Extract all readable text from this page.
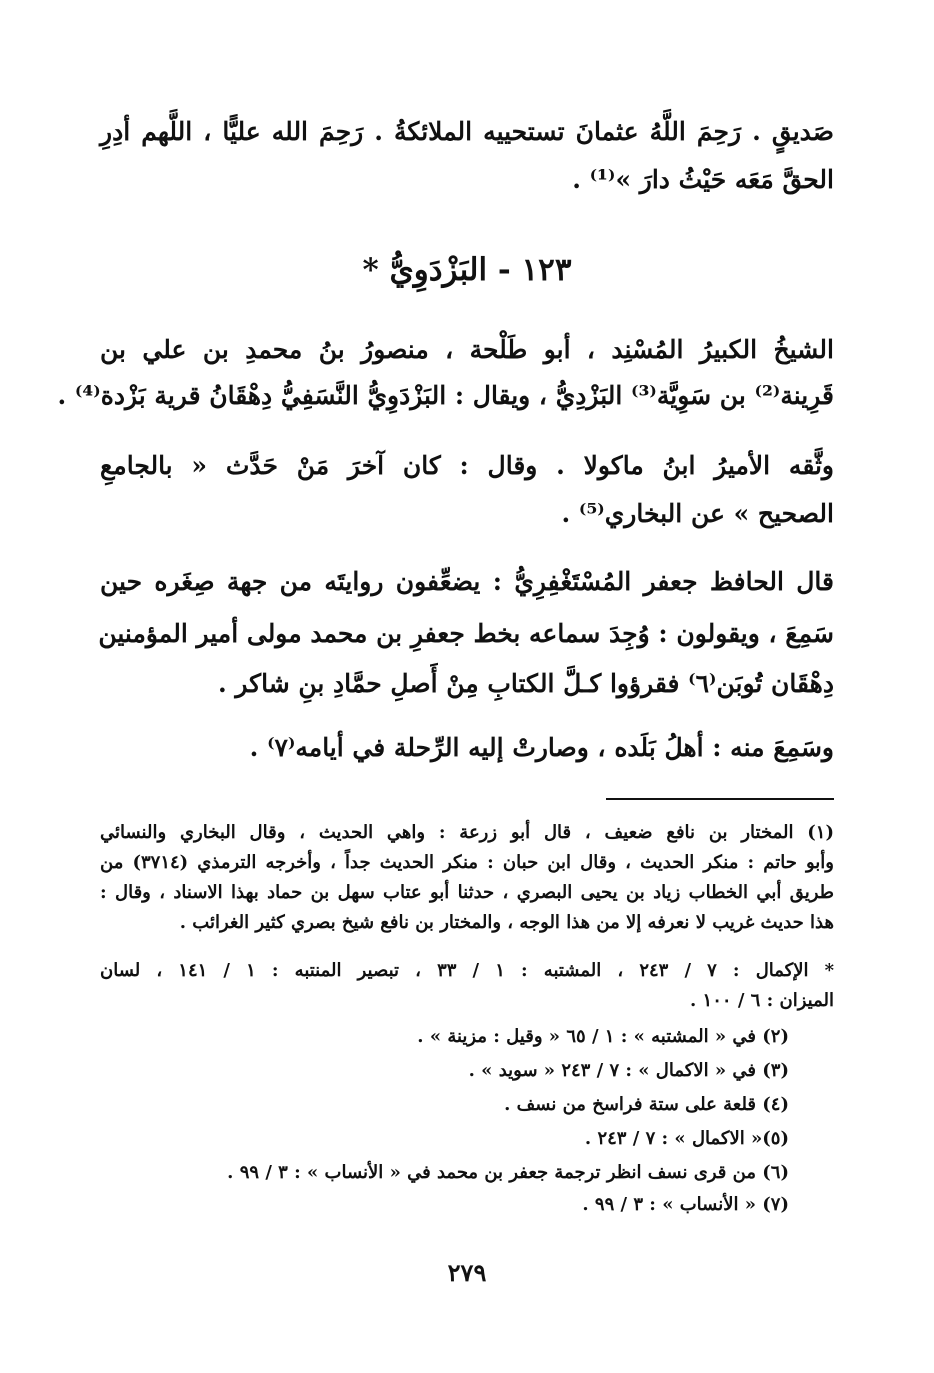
صَديقٍ . رَحِمَ اللَّهُ عثمانَ تستحييه الملائكةُ . رَحِمَ الله عليًّا ، اللَّهم أدِرِ
الحقَّ مَعَه حَيْثُ دارَ »⁽¹⁾ .
١٢٣ - البَزْدَوِيُّ *
الشيخُ الكبيرُ المُسْنِد ، أبو طَلْحة ، منصورُ بنُ محمدِ بن علي بن
قَرِينة⁽²⁾ بن سَوِيَّة⁽³⁾ البَزْدِيُّ ، ويقال : البَزْدَوِيُّ النَّسَفِيُّ دِهْقَانُ قرية بَزْدة⁽⁴⁾ .
وثَّقه الأميرُ ابنُ ماكولا . وقال : كان آخرَ مَنْ حَدَّث « بالجامعِ
الصحيح » عن البخاري⁽⁵⁾ .
قال الحافظ جعفر المُسْتَغْفِرِيُّ : يضعِّفون روايتَه من جهة صِغَره حين
سَمِعَ ، ويقولون : وُجِدَ سماعه بخط جعفرِ بن محمد مولى أمير المؤمنين
دِهْقَان تُوبَن⁽٦⁾ فقرؤوا كـلَّ الكتابِ مِنْ أَصلِ حمَّادِ بنِ شاكر .
وسَمِعَ منه : أهلُ بَلَده ، وصارتْ إليه الرِّحلة في أيامه⁽٧⁾ .
(١) المختار بن نافع ضعيف ، قال أبو زرعة : واهي الحديث ، وقال البخاري والنسائي
وأبو حاتم : منكر الحديث ، وقال ابن حبان : منكر الحديث جداً ، وأخرجه الترمذي (٣٧١٤) من
طريق أبي الخطاب زياد بن يحيى البصري ، حدثنا أبو عتاب سهل بن حماد بهذا الاسناد ، وقال :
هذا حديث غريب لا نعرفه إلا من هذا الوجه ، والمختار بن نافع شيخ بصري كثير الغرائب .
* الإكمال : ٧ / ٢٤٣ ، المشتبه : ١ / ٣٣ ، تبصير المنتبه : ١ / ١٤١ ، لسان
الميزان : ٦ / ١٠٠ .
(٢) في « المشتبه » : ١ / ٦٥ « وقيل : مزينة » .
(٣) في « الاكمال » : ٧ / ٢٤٣ « سويد » .
(٤) قلعة على ستة فراسخ من نسف .
(٥)« الاكمال » : ٧ / ٢٤٣ .
(٦) من قرى نسف انظر ترجمة جعفر بن محمد في « الأنساب » : ٣ / ٩٩ .
(٧) « الأنساب » : ٣ / ٩٩ .
٢٧٩
